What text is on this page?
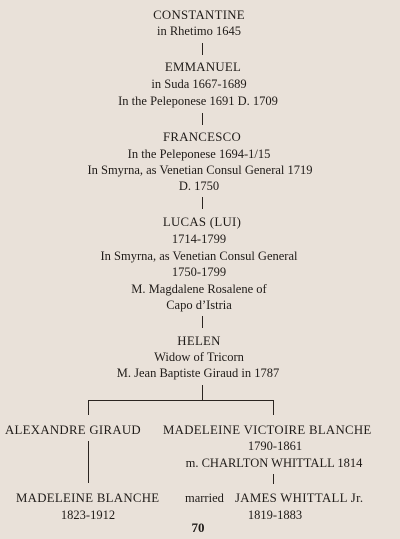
CONSTANTINE
in Rhetimo 1645
EMMANUEL
in Suda 1667-1689
In the Peleponese 1691 D. 1709
FRANCESCO
In the Peleponese 1694-1/15
In Smyrna, as Venetian Consul General 1719
D. 1750
LUCAS (LUI)
1714-1799
In Smyrna, as Venetian Consul General
1750-1799
M. Magdalene Rosalene of
Capo d’Istria
HELEN
Widow of Tricorn
M. Jean Baptiste Giraud in 1787
ALEXANDRE GIRAUD MADELEINE VICTOIRE BLANCHE
1790-1861
m. CHARLTON WHITTALL 1814
MADELEINE BLANCHE married JAMES WHITTALL Jr.
1823-1912	1819-1883
70
